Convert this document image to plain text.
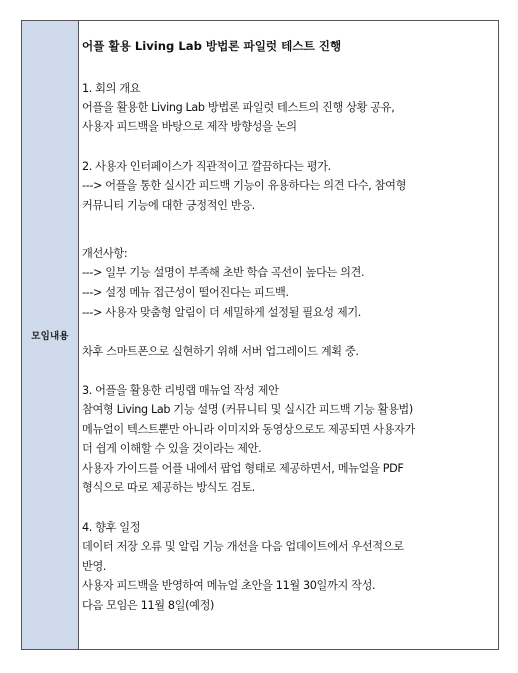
모임내용
어플 활용 Living Lab 방법론 파일럿 테스트 진행
1. 회의 개요
어플을 활용한 Living Lab 방법론 파일럿 테스트의 진행 상황 공유,
사용자 피드백을 바탕으로 제작 방향성을 논의
2. 사용자 인터페이스가 직관적이고 깔끔하다는 평가.
---> 어플을 통한 실시간 피드백 기능이 유용하다는 의견 다수, 참여형
커뮤니티 기능에 대한 긍정적인 반응.
개선사항:
---> 일부 기능 설명이 부족해 초반 학습 곡선이 높다는 의견.
---> 설정 메뉴 접근성이 떨어진다는 피드백.
---> 사용자 맞춤형 알림이 더 세밀하게 설정될 필요성 제기.
차후 스마트폰으로 실현하기 위해 서버 업그레이드 계획 중.
3. 어플을 활용한 리빙랩 매뉴얼 작성 제안
참여형 Living Lab 기능 설명 (커뮤니티 및 실시간 피드백 기능 활용법)
메뉴얼이 텍스트뿐만 아니라 이미지와 동영상으로도 제공되면 사용자가
더 쉽게 이해할 수 있을 것이라는 제안.
사용자 가이드를 어플 내에서 팝업 형태로 제공하면서, 메뉴얼을 PDF
형식으로 따로 제공하는 방식도 검토.
4. 향후 일정
데이터 저장 오류 및 알림 기능 개선을 다음 업데이트에서 우선적으로
반영.
사용자 피드백을 반영하여 메뉴얼 초안을 11월 30일까지 작성.
다음 모임은 11월 8일(예정)
